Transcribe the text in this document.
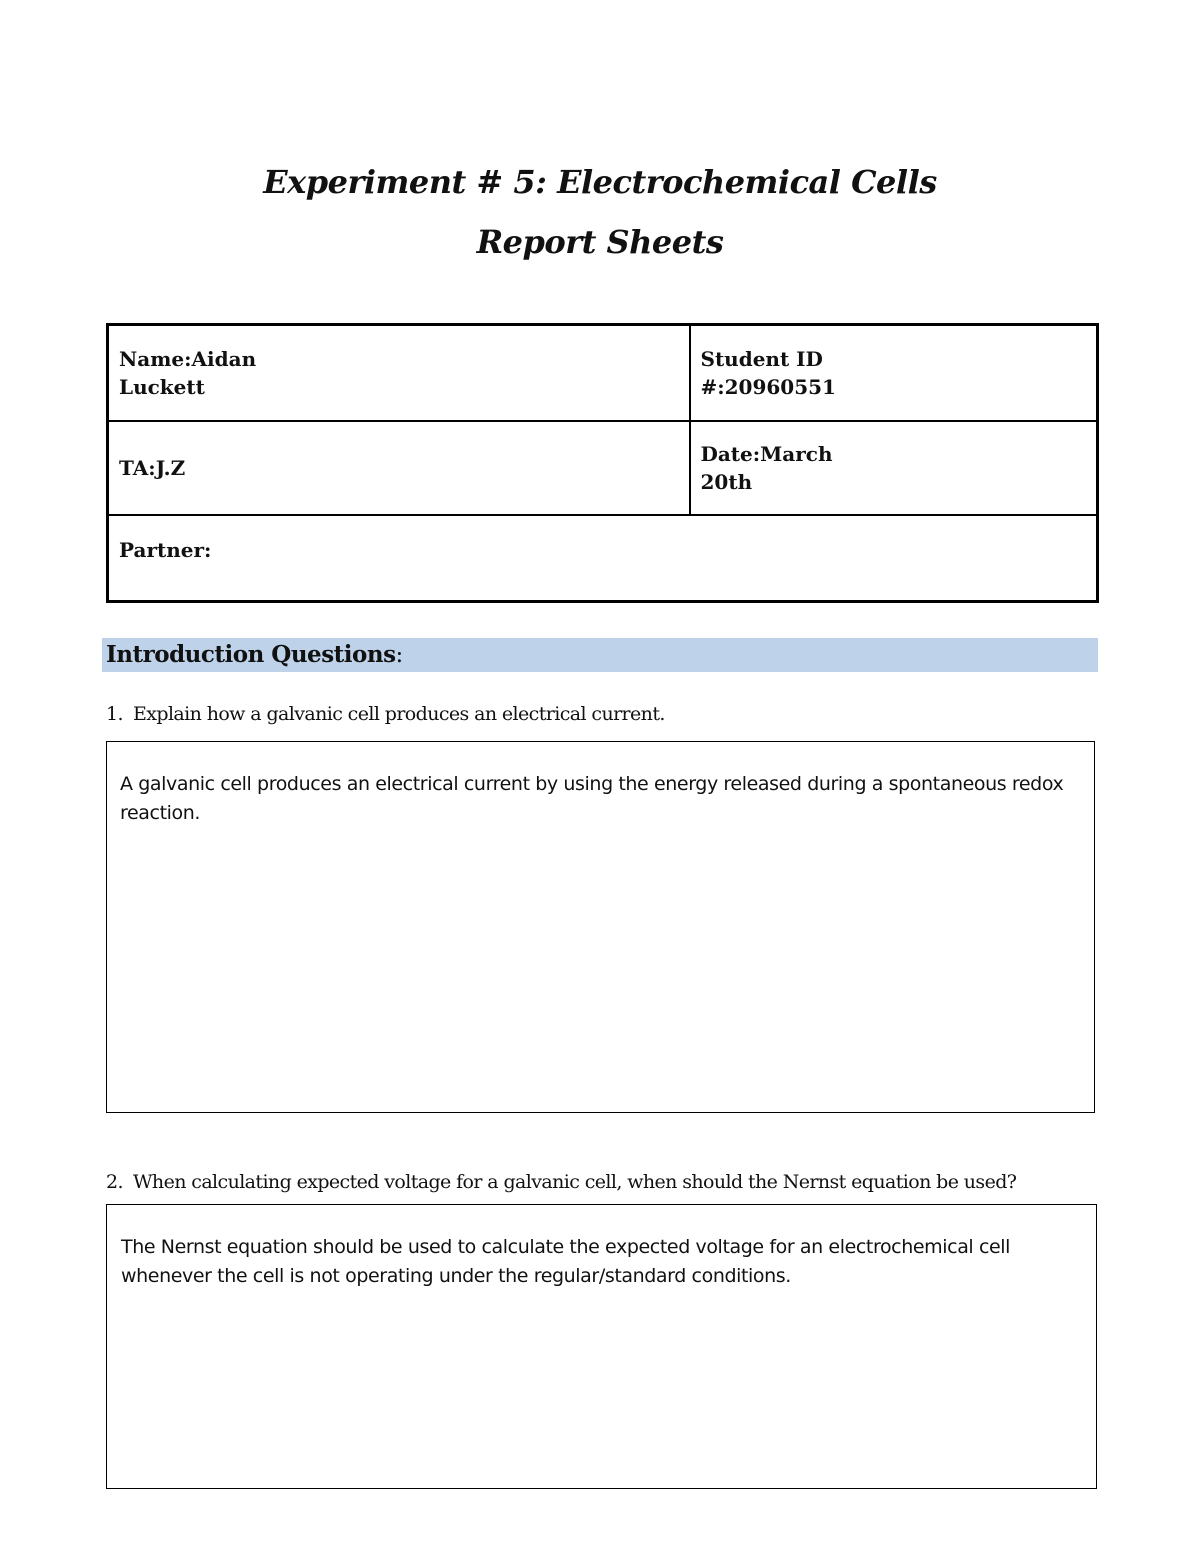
Experiment # 5: Electrochemical Cells
Report Sheets
Name:Aidan
Luckett	Student ID
#:20960551

TA:J.Z	Date:March
20th

Partner:	
Introduction Questions:
1. Explain how a galvanic cell produces an electrical current.
A galvanic cell produces an electrical current by using the energy released during a spontaneous redox reaction.
2. When calculating expected voltage for a galvanic cell, when should the Nernst equation be used?
The Nernst equation should be used to calculate the expected voltage for an electrochemical cell whenever the cell is not operating under the regular/standard conditions.
